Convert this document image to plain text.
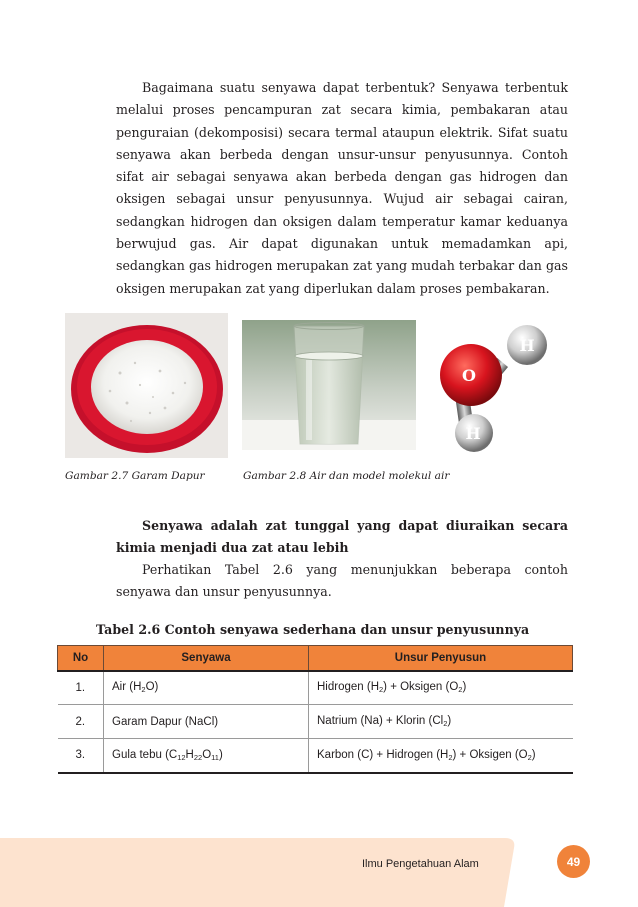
Bagaimana suatu senyawa dapat terbentuk? Senyawa terbentuk melalui proses pencampuran zat secara kimia, pembakaran atau penguraian (dekomposisi) secara termal ataupun elektrik. Sifat suatu senyawa akan berbeda dengan unsur-unsur penyusunnya. Contoh sifat air sebagai senyawa akan berbeda dengan gas hidrogen dan oksigen sebagai unsur penyusunnya. Wujud air sebagai cairan, sedangkan hidrogen dan oksigen dalam temperatur kamar keduanya berwujud gas. Air dapat digunakan untuk memadamkan api, sedangkan gas hidrogen merupakan zat yang mudah terbakar dan gas oksigen merupakan zat yang diperlukan dalam proses pembakaran.

H
O
H
Gambar 2.7 Garam Dapur	Gambar 2.8 Air dan model molekul air

Senyawa adalah zat tunggal yang dapat diuraikan secara kimia menjadi dua zat atau lebih

Perhatikan Tabel 2.6 yang menunjukkan beberapa contoh senyawa dan unsur penyusunnya.

Tabel 2.6 Contoh senyawa sederhana dan unsur penyusunnya
No	Senyawa	Unsur Penyusun
1.	Air $(H_2O)$	Hidrogen $(H_2)$ + Oksigen $(O_2)$
2.	Garam Dapur (NaCl)	Natrium (Na) + Klorin $(Cl_2)$
3.	Gula tebu $(C_{12}H_{22}O_{11})$	Karbon (C) + Hidrogen $(H_2)$ + Oksigen $(O_2)$
Ilmu Pengetahuan Alam	49
